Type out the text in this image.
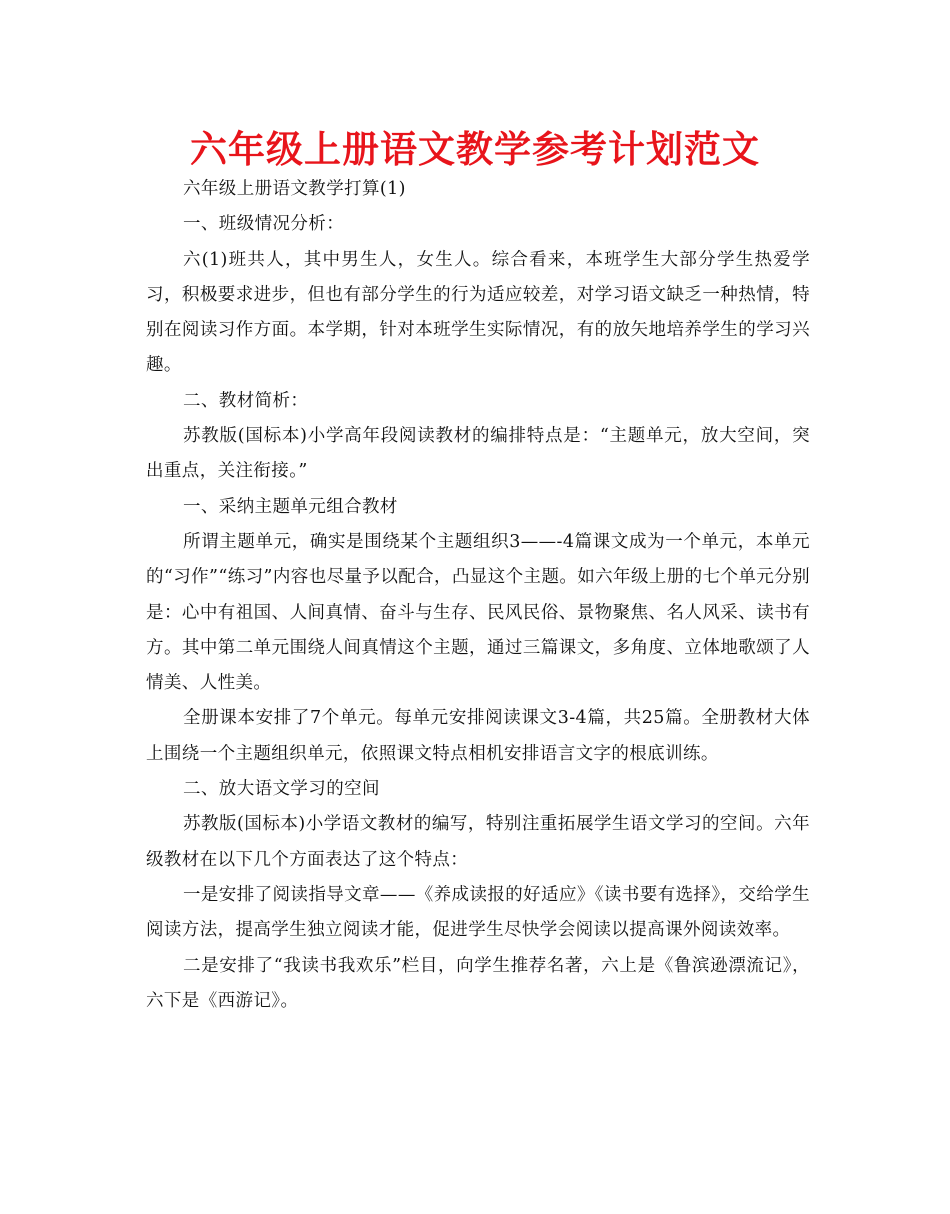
六年级上册语文教学参考计划范文

六年级上册语文教学打算(1)

一、班级情况分析：

六(1)班共人，其中男生人，女生人。综合看来，本班学生大部分学生热爱学习，积极要求进步，但也有部分学生的行为适应较差，对学习语文缺乏一种热情，特别在阅读习作方面。本学期，针对本班学生实际情况，有的放矢地培养学生的学习兴趣。

二、教材简析：

苏教版(国标本)小学高年段阅读教材的编排特点是：“主题单元，放大空间，突出重点，关注衔接。”

一、采纳主题单元组合教材

所谓主题单元，确实是围绕某个主题组织3——-4篇课文成为一个单元，本单元的“习作”“练习”内容也尽量予以配合，凸显这个主题。如六年级上册的七个单元分别是：心中有祖国、人间真情、奋斗与生存、民风民俗、景物聚焦、名人风采、读书有方。其中第二单元围绕人间真情这个主题，通过三篇课文，多角度、立体地歌颂了人情美、人性美。

全册课本安排了7个单元。每单元安排阅读课文3-4篇，共25篇。全册教材大体上围绕一个主题组织单元，依照课文特点相机安排语言文字的根底训练。

二、放大语文学习的空间

苏教版(国标本)小学语文教材的编写，特别注重拓展学生语文学习的空间。六年级教材在以下几个方面表达了这个特点：

一是安排了阅读指导文章——《养成读报的好适应》《读书要有选择》，交给学生阅读方法，提高学生独立阅读才能，促进学生尽快学会阅读以提高课外阅读效率。

二是安排了“我读书我欢乐”栏目，向学生推荐名著，六上是《鲁滨逊漂流记》，六下是《西游记》。
